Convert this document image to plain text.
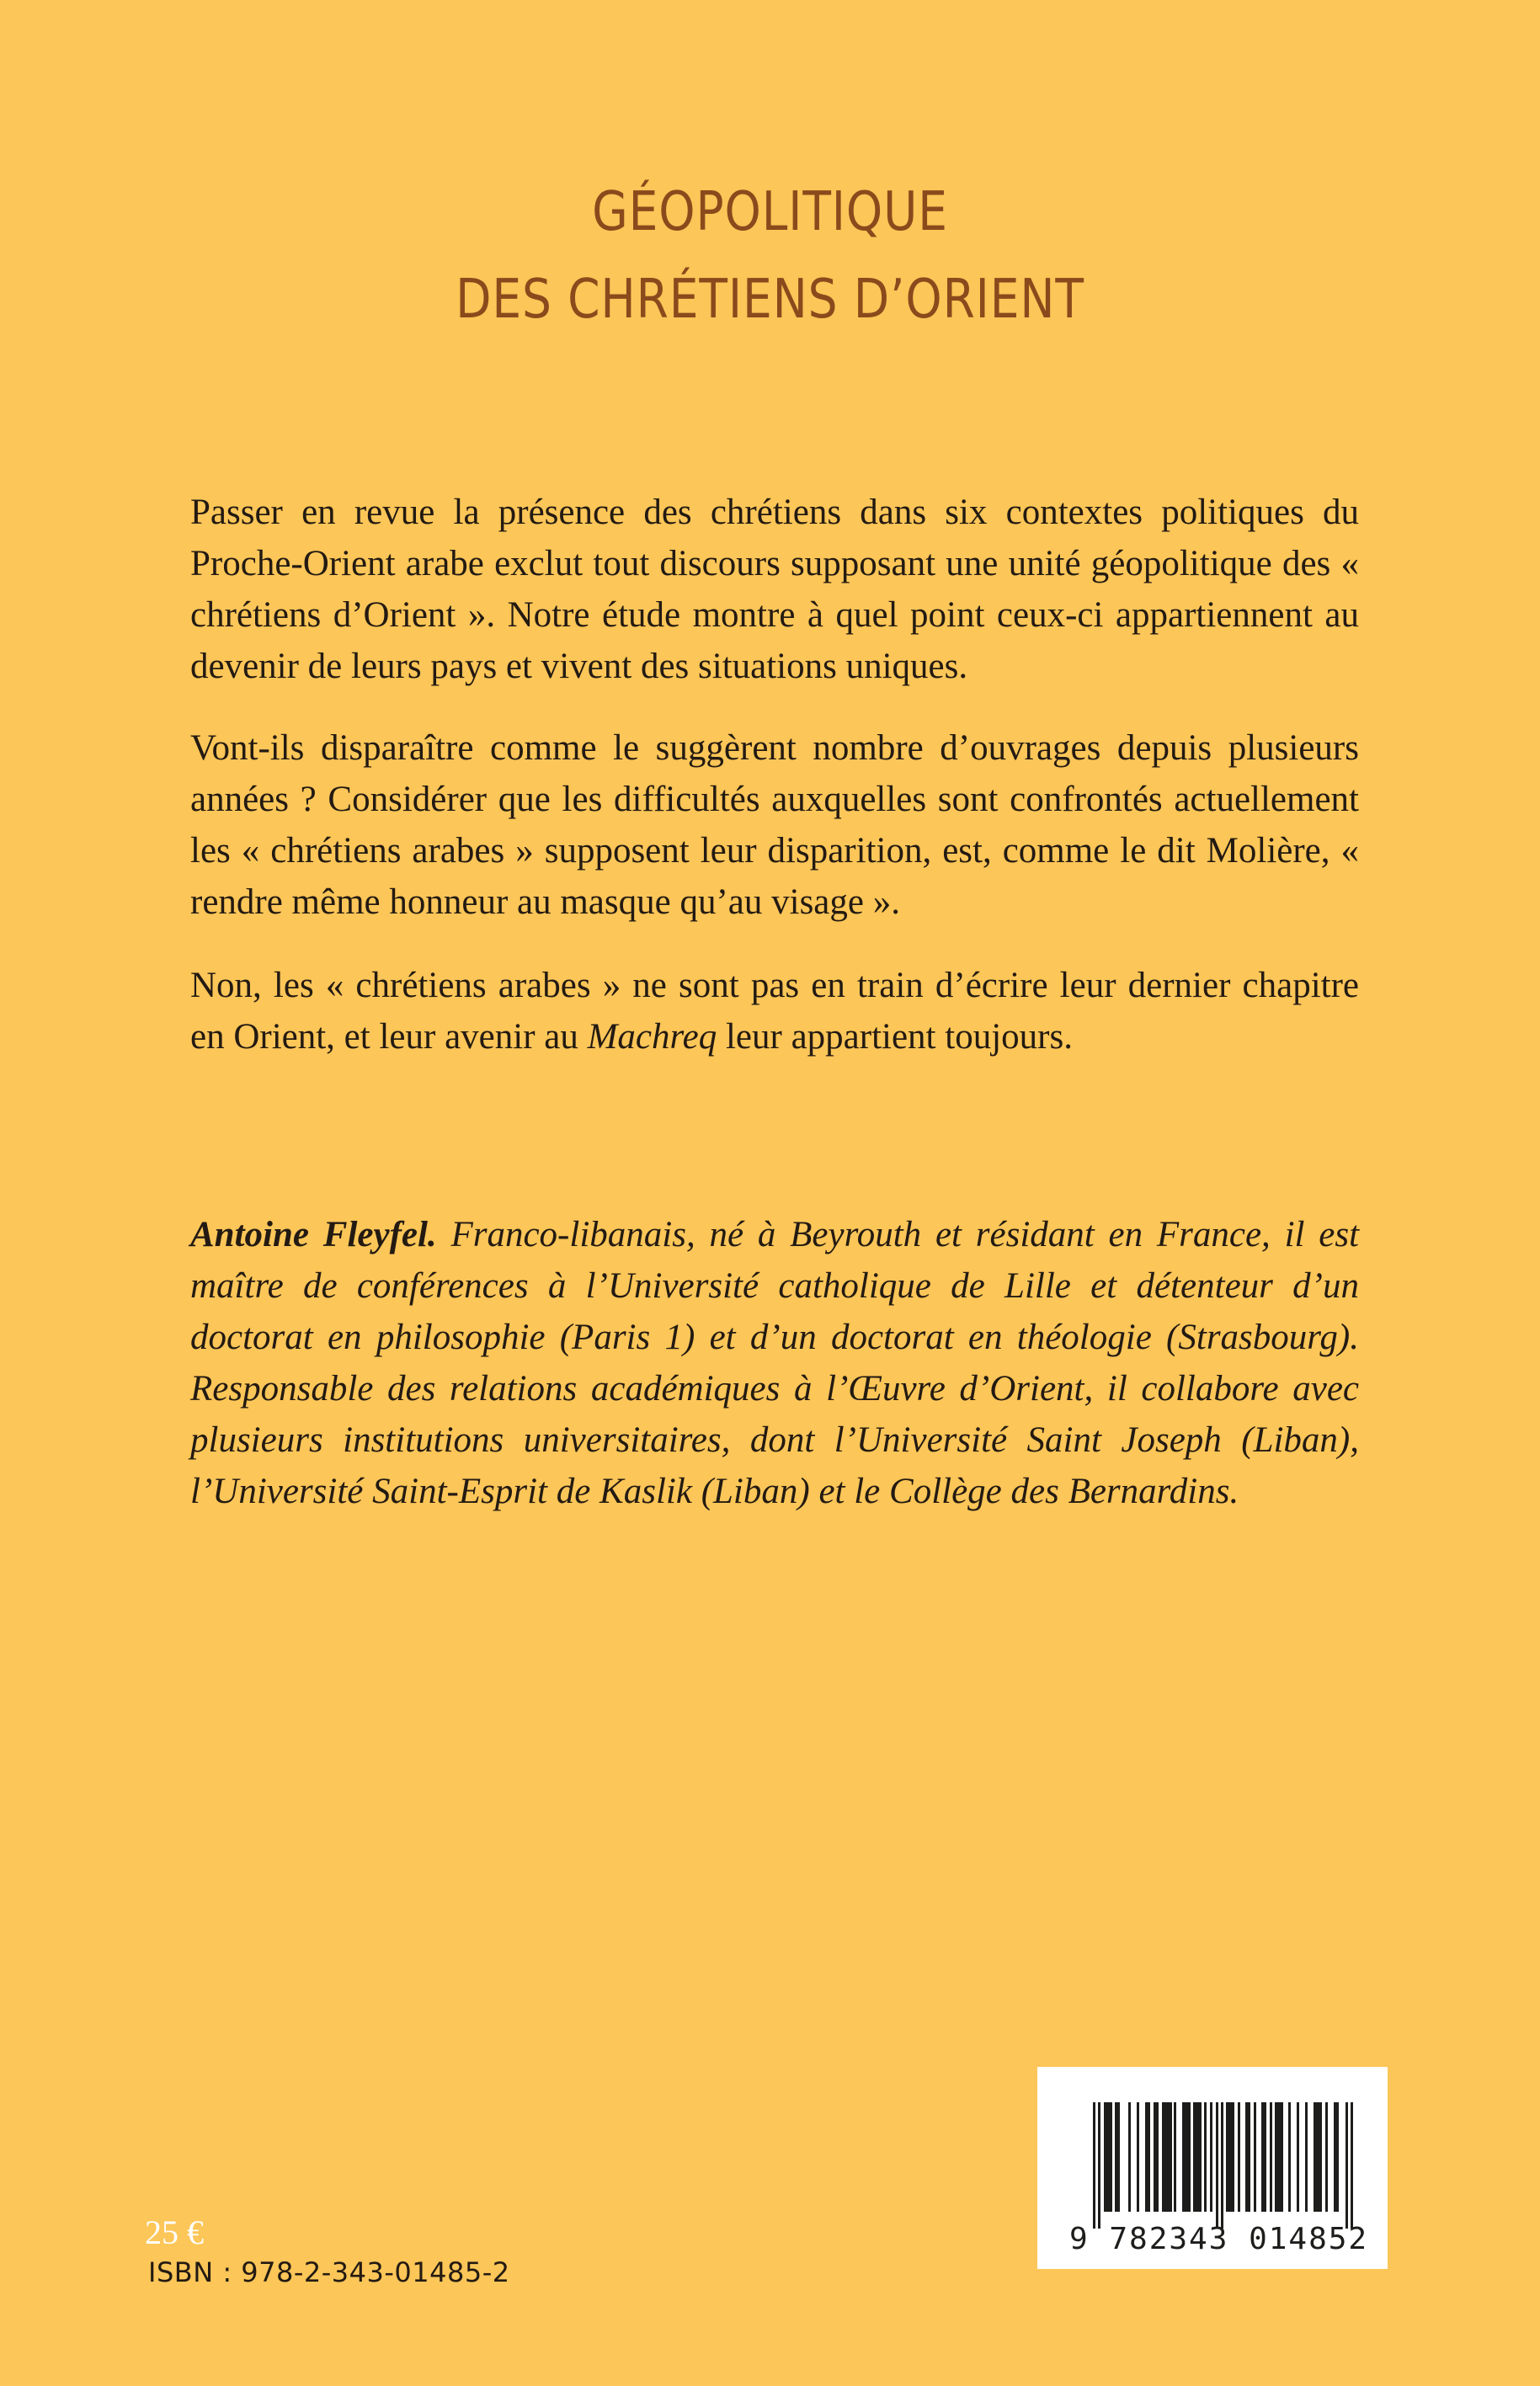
GÉOPOLITIQUE
DES CHRÉTIENS D’ORIENT

Passer en revue la présence des chrétiens dans six contextes politiques du Proche-Orient arabe exclut tout discours supposant une unité géopolitique des « chrétiens d’Orient ». Notre étude montre à quel point ceux-ci appartiennent au devenir de leurs pays et vivent des situations uniques.

Vont-ils disparaître comme le suggèrent nombre d’ouvrages depuis plusieurs années ? Considérer que les difficultés auxquelles sont confrontés actuellement les « chrétiens arabes » supposent leur disparition, est, comme le dit Molière, « rendre même honneur au masque qu’au visage ».

Non, les « chrétiens arabes » ne sont pas en train d’écrire leur dernier chapitre en Orient, et leur avenir au Machreq leur appartient toujours.

Antoine Fleyfel. Franco-libanais, né à Beyrouth et résidant en France, il est maître de conférences à l’Université catholique de Lille et détenteur d’un doctorat en philosophie (Paris 1) et d’un doctorat en théologie (Strasbourg). Responsable des relations académiques à l’Œuvre d’Orient, il collabore avec plusieurs institutions universitaires, dont l’Université Saint Joseph (Liban), l’Université Saint-Esprit de Kaslik (Liban) et le Collège des Bernardins.
25 €
ISBN : 978-2-343-01485-2
9 782343 014852
